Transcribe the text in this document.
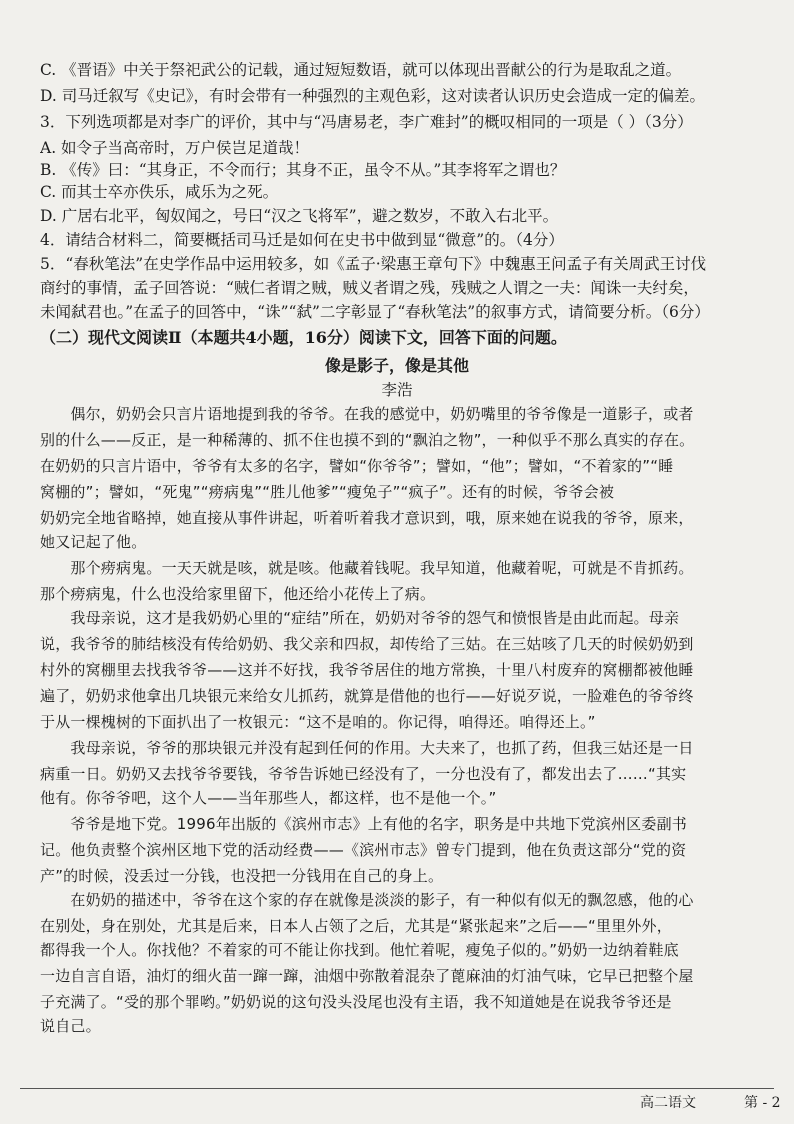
C. 《晋语》中关于祭祀武公的记载，通过短短数语，就可以体现出晋献公的行为是取乱之道。
D. 司马迁叙写《史记》，有时会带有一种强烈的主观色彩，这对读者认识历史会造成一定的偏差。
3．下列选项都是对李广的评价，其中与“冯唐易老，李广难封”的概叹相同的一项是（ ）（3分）
A. 如令子当高帝时，万户侯岂足道哉！
B. 《传》曰：“其身正，不令而行；其身不正，虽令不从。”其李将军之谓也？
C. 而其士卒亦佚乐，咸乐为之死。
D. 广居右北平，匈奴闻之，号曰“汉之飞将军”，避之数岁，不敢入右北平。
4．请结合材料二，简要概括司马迁是如何在史书中做到显“微意”的。（4分）
5．“春秋笔法”在史学作品中运用较多，如《孟子·梁惠王章句下》中魏惠王问孟子有关周武王讨伐
商纣的事情，孟子回答说：“贼仁者谓之贼，贼义者谓之残，残贼之人谓之一夫：闻诛一夫纣矣，
未闻弑君也。”在孟子的回答中，“诛”“弑”二字彰显了“春秋笔法”的叙事方式，请简要分析。（6分）
（二）现代文阅读Ⅱ（本题共4小题，16分）阅读下文，回答下面的问题。
像是影子，像是其他
李浩
　　偶尔，奶奶会只言片语地提到我的爷爷。在我的感觉中，奶奶嘴里的爷爷像是一道影子，或者
别的什么——反正，是一种稀薄的、抓不住也摸不到的“飘泊之物”，一种似乎不那么真实的存在。
在奶奶的只言片语中，爷爷有太多的名字，譬如“你爷爷”；譬如，“他”；譬如，“不着家的”“睡
窝棚的”；譬如，“死鬼”“痨病鬼”“胜儿他爹”“瘦兔子”“疯子”。还有的时候，爷爷会被
奶奶完全地省略掉，她直接从事件讲起，听着听着我才意识到，哦，原来她在说我的爷爷，原来，
她又记起了他。
　　那个痨病鬼。一天天就是咳，就是咳。他藏着钱呢。我早知道，他藏着呢，可就是不肯抓药。
那个痨病鬼，什么也没给家里留下，他还给小花传上了病。
　　我母亲说，这才是我奶奶心里的“症结”所在，奶奶对爷爷的怨气和愤恨皆是由此而起。母亲
说，我爷爷的肺结核没有传给奶奶、我父亲和四叔，却传给了三姑。在三姑咳了几天的时候奶奶到
村外的窝棚里去找我爷爷——这并不好找，我爷爷居住的地方常换，十里八村废弃的窝棚都被他睡
遍了，奶奶求他拿出几块银元来给女儿抓药，就算是借他的也行——好说歹说，一脸难色的爷爷终
于从一棵槐树的下面扒出了一枚银元：“这不是咱的。你记得，咱得还。咱得还上。”
　　我母亲说，爷爷的那块银元并没有起到任何的作用。大夫来了，也抓了药，但我三姑还是一日
病重一日。奶奶又去找爷爷要钱，爷爷告诉她已经没有了，一分也没有了，都发出去了……“其实
他有。你爷爷吧，这个人——当年那些人，都这样，也不是他一个。”
　　爷爷是地下党。1996年出版的《滨州市志》上有他的名字，职务是中共地下党滨州区委副书
记。他负责整个滨州区地下党的活动经费——《滨州市志》曾专门提到，他在负责这部分“党的资
产”的时候，没丢过一分钱，也没把一分钱用在自己的身上。
　　在奶奶的描述中，爷爷在这个家的存在就像是淡淡的影子，有一种似有似无的飘忽感，他的心
在别处，身在别处，尤其是后来，日本人占领了之后，尤其是“紧张起来”之后——“里里外外，
都得我一个人。你找他？不着家的可不能让你找到。他忙着呢，瘦兔子似的。”奶奶一边纳着鞋底
一边自言自语，油灯的细火苗一蹿一蹿，油烟中弥散着混杂了蓖麻油的灯油气味，它早已把整个屋
子充满了。“受的那个罪哟。”奶奶说的这句没头没尾也没有主语，我不知道她是在说我爷爷还是
说自己。
高二语文	第 - 2
